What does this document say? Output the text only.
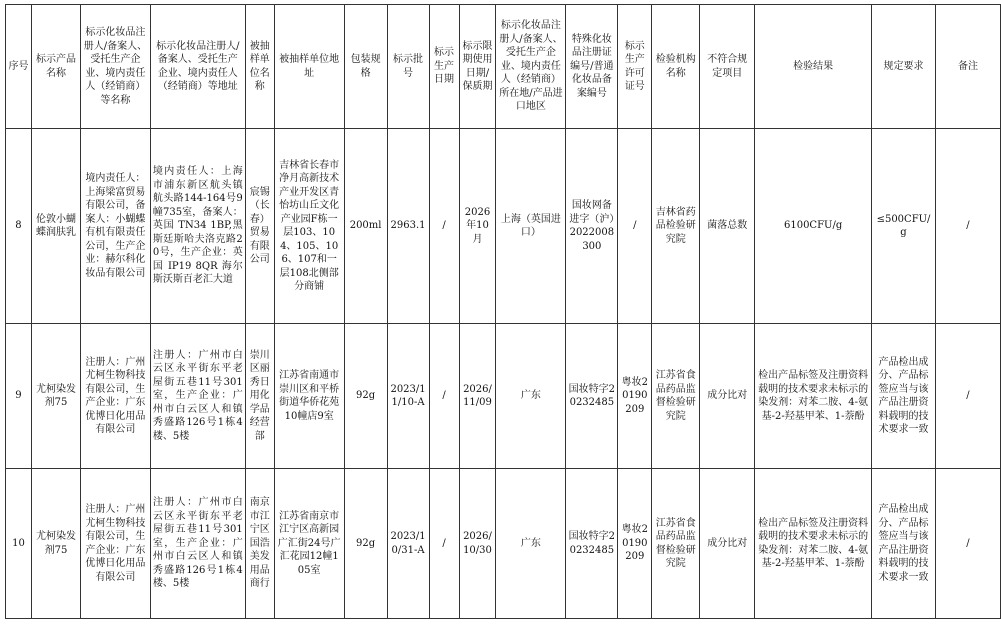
序号	标示产品名称	标示化妆品注册人/备案人、受托生产企业、境内责任人（经销商）等名称	标示化妆品注册人/备案人、受托生产企业、境内责任人（经销商）等地址	被抽样单位名称	被抽样单位地址	包装规格	标示批号	标示生产日期	标示限期使用日期/保质期	标示化妆品注册人/备案人、受托生产企业、境内责任人（经销商）所在地/产品进口地区	特殊化妆品注册证编号/普通化妆品备案编号	标示生产许可证号	检验机构名称	不符合规定项目	检验结果	规定要求	备注
8	伦敦小蝴蝶润肤乳	境内责任人：上海梁富贸易有限公司，备案人：小蝴蝶有机有限责任公司，生产企业：赫尔科化妆品有限公司	境内责任人：上海市浦东新区航头镇航头路144-164号9幢735室，备案人：英国 TN34 1BP,黑斯廷斯哈夫洛克路20号，生产企业：英国 IP19 8QR 海尔斯沃斯百老汇大道	宸锡（长春）贸易有限公司	吉林省长春市净月高新技术产业开发区青怡坊山丘文化产业园F栋一层103、104、105、106、107和一层108北侧部分商铺	200ml	2963.1	/	2026年10月	上海（英国进口）	国妆网备进字（沪）2022008300	/	吉林省药品检验研究院	菌落总数	6100CFU/g	≤500CFU/g	/
9	尤柯染发剂75	注册人：广州尤柯生物科技有限公司，生产企业：广东优博日化用品有限公司	注册人：广州市白云区永平街东平老屋街五巷11号301室，生产企业：广州市白云区人和镇秀盛路126号1栋4楼、5楼	崇川区丽秀日用化学品经营部	江苏省南通市崇川区和平桥街道华侨花苑10幢店9室	92g	2023/11/10-A	/	2026/11/09	广东	国妆特字20232485	粤妆20190209	江苏省食品药品监督检验研究院	成分比对	检出产品标签及注册资料载明的技术要求未标示的染发剂：对苯二胺、4-氨基-2-羟基甲苯、1-萘酚	产品检出成分、产品标签应当与该产品注册资料载明的技术要求一致	/
10	尤柯染发剂75	注册人：广州尤柯生物科技有限公司，生产企业：广东优博日化用品有限公司	注册人：广州市白云区永平街东平老屋街五巷11号301室，生产企业：广州市白云区人和镇秀盛路126号1栋4楼、5楼	南京市江宁区国浩美发用品商行	江苏省南京市江宁区高新园广汇街24号广汇花园12幢105室	92g	2023/10/31-A	/	2026/10/30	广东	国妆特字20232485	粤妆20190209	江苏省食品药品监督检验研究院	成分比对	检出产品标签及注册资料载明的技术要求未标示的染发剂：对苯二胺、4-氨基-2-羟基甲苯、1-萘酚	产品检出成分、产品标签应当与该产品注册资料载明的技术要求一致	/
